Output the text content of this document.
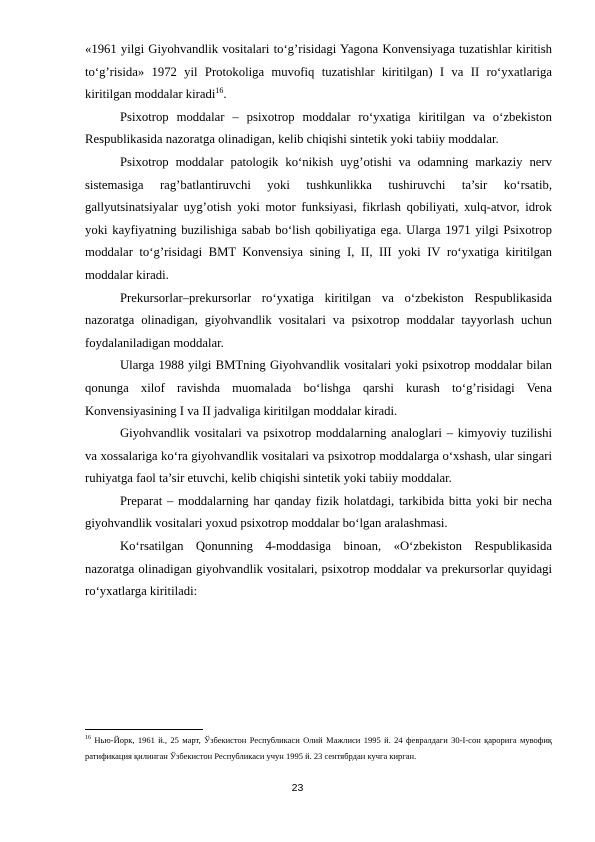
«1961 yilgi Giyohvandlik vositalari to‘g’risidagi Yagona Konvensiyaga tuzatishlar kiritish to‘g’risida» 1972 yil Protokoliga muvofiq tuzatishlar kiritilgan) I va II ro‘yxatlariga kiritilgan moddalar kiradi$^{16}$.

Psixotrop moddalar – psixotrop moddalar ro‘yxatiga kiritilgan va o‘zbekiston Respublikasida nazoratga olinadigan, kelib chiqishi sintetik yoki tabiiy moddalar.

Psixotrop moddalar patologik ko‘nikish uyg’otishi va odamning markaziy nerv sistemasiga rag’batlantiruvchi yoki tushkunlikka tushiruvchi ta’sir ko‘rsatib, gallyutsinatsiyalar uyg’otish yoki motor funksiyasi, fikrlash qobiliyati, xulq-atvor, idrok yoki kayfiyatning buzilishiga sabab bo‘lish qobiliyatiga ega. Ularga 1971 yilgi Psixotrop moddalar to‘g’risidagi BMT Konvensiya sining I, II, III yoki IV ro‘yxatiga kiritilgan moddalar kiradi.

Prekursorlar–prekursorlar ro‘yxatiga kiritilgan va o‘zbekiston Respublikasida nazoratga olinadigan, giyohvandlik vositalari va psixotrop moddalar tayyorlash uchun foydalaniladigan moddalar.

Ularga 1988 yilgi BMTning Giyohvandlik vositalari yoki psixotrop moddalar bilan qonunga xilof ravishda muomalada bo‘lishga qarshi kurash to‘g’risidagi Vena Konvensiyasining I va II jadvaliga kiritilgan moddalar kiradi.

Giyohvandlik vositalari va psixotrop moddalarning analoglari – kimyoviy tuzilishi va xossalariga ko‘ra giyohvandlik vositalari va psixotrop moddalarga o‘xshash, ular singari ruhiyatga faol ta’sir etuvchi, kelib chiqishi sintetik yoki tabiiy moddalar.

Preparat – moddalarning har qanday fizik holatdagi, tarkibida bitta yoki bir necha giyohvandlik vositalari yoxud psixotrop moddalar bo‘lgan aralashmasi.

Ko‘rsatilgan Qonunning 4-moddasiga binoan, «O‘zbekiston Respublikasida nazoratga olinadigan giyohvandlik vositalari, psixotrop moddalar va prekursorlar quyidagi ro‘yxatlarga kiritiladi:

$^{16}$ Нью-Йорк, 1961 й., 25 март, Ўзбекистон Республикаси Олий Мажлиси 1995 й. 24 февралдаги 30-I-сон қарорига мувофиқ ратификация қилинган Ўзбекистон Республикаси учун 1995 й. 23 сентябрдан кучга кирган.

23
